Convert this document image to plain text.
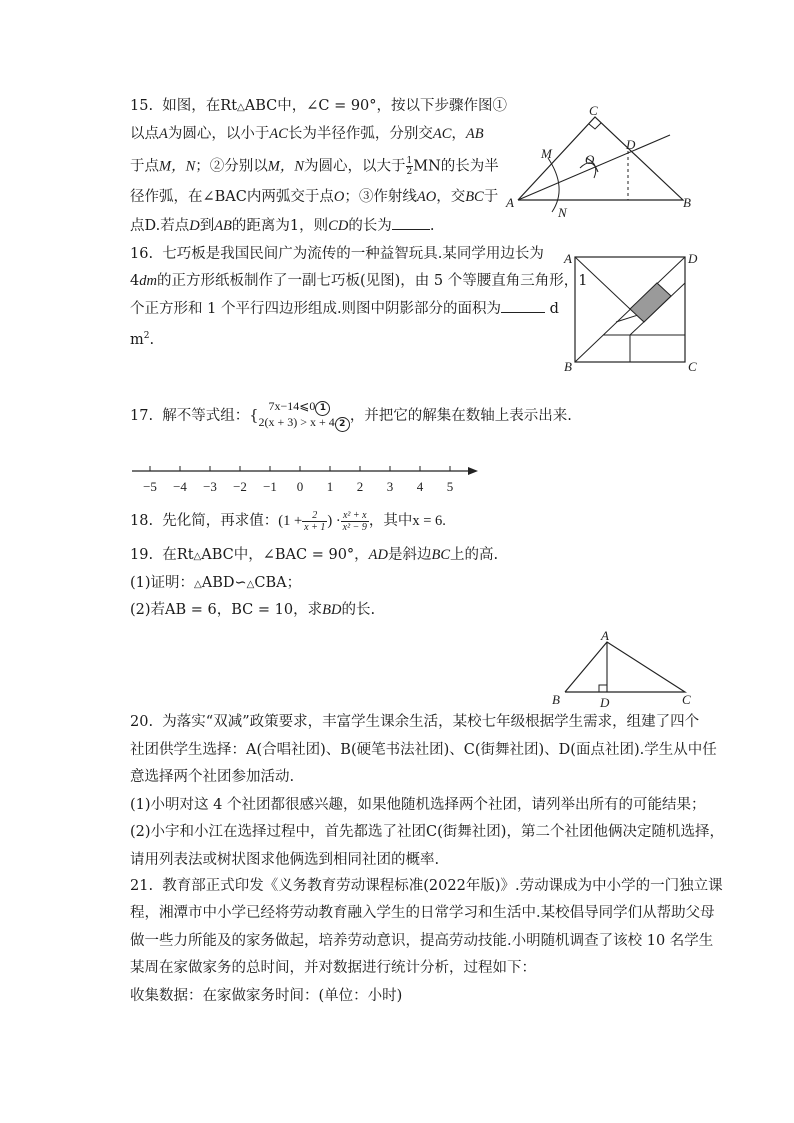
15. 如图，在Rt△ABC中，∠C = 90°，按以下步骤作图①
以点A为圆心，以小于AC长为半径作弧，分别交AC，AB
于点M，N；②分别以M，N为圆心，以大于 $\frac{1}{2}$ MN的长为半
径作弧，在∠BAC内两弧交于点O；③作射线AO，交BC于
点D.若点D到AB的距离为1，则CD的长为	.
A	B
C
D
M
N
O
16. 七巧板是我国民间广为流传的一种益智玩具.某同学用边长为
4dm的正方形纸板制作了一副七巧板(见图)，由 5 个等腰直角三角形，1
个正方形和 1 个平行四边形组成.则图中阴影部分的面积为	d
$m^2$.
A	D
B	C
17. 解不等式组：{
7x−14⩽0 1
2(x + 3) > x + 4 2 ，并把它的解集在数轴上表示出来.
−5 −4 −3 −2 −1 0 1 2 3 4 5
18. 先化简，再求值：($1 + \frac{2}{x + 1}$ ) · $\frac{\text{x² + x}}{\text{x² − 9}}$ ，其中x = 6.
19. 在Rt△ABC中，∠BAC = 90°，AD是斜边BC上的高.
(1)证明：△ABD∽△CBA；
(2)若AB = 6，BC = 10，求BD的长.
A
B	C
D
20. 为落实“双减”政策要求，丰富学生课余生活，某校七年级根据学生需求，组建了四个
社团供学生选择：A(合唱社团)、B(硬笔书法社团)、C(街舞社团)、D(面点社团).学生从中任
意选择两个社团参加活动.
(1)小明对这 4 个社团都很感兴趣，如果他随机选择两个社团，请列举出所有的可能结果；
(2)小宇和小江在选择过程中，首先都选了社团C(街舞社团)，第二个社团他俩决定随机选择，
请用列表法或树状图求他俩选到相同社团的概率.
21. 教育部正式印发《义务教育劳动课程标准(2022年版)》.劳动课成为中小学的一门独立课
程，湘潭市中小学已经将劳动教育融入学生的日常学习和生活中.某校倡导同学们从帮助父母
做一些力所能及的家务做起，培养劳动意识，提高劳动技能.小明随机调查了该校 10 名学生
某周在家做家务的总时间，并对数据进行统计分析，过程如下：
收集数据：在家做家务时间：(单位：小时)
